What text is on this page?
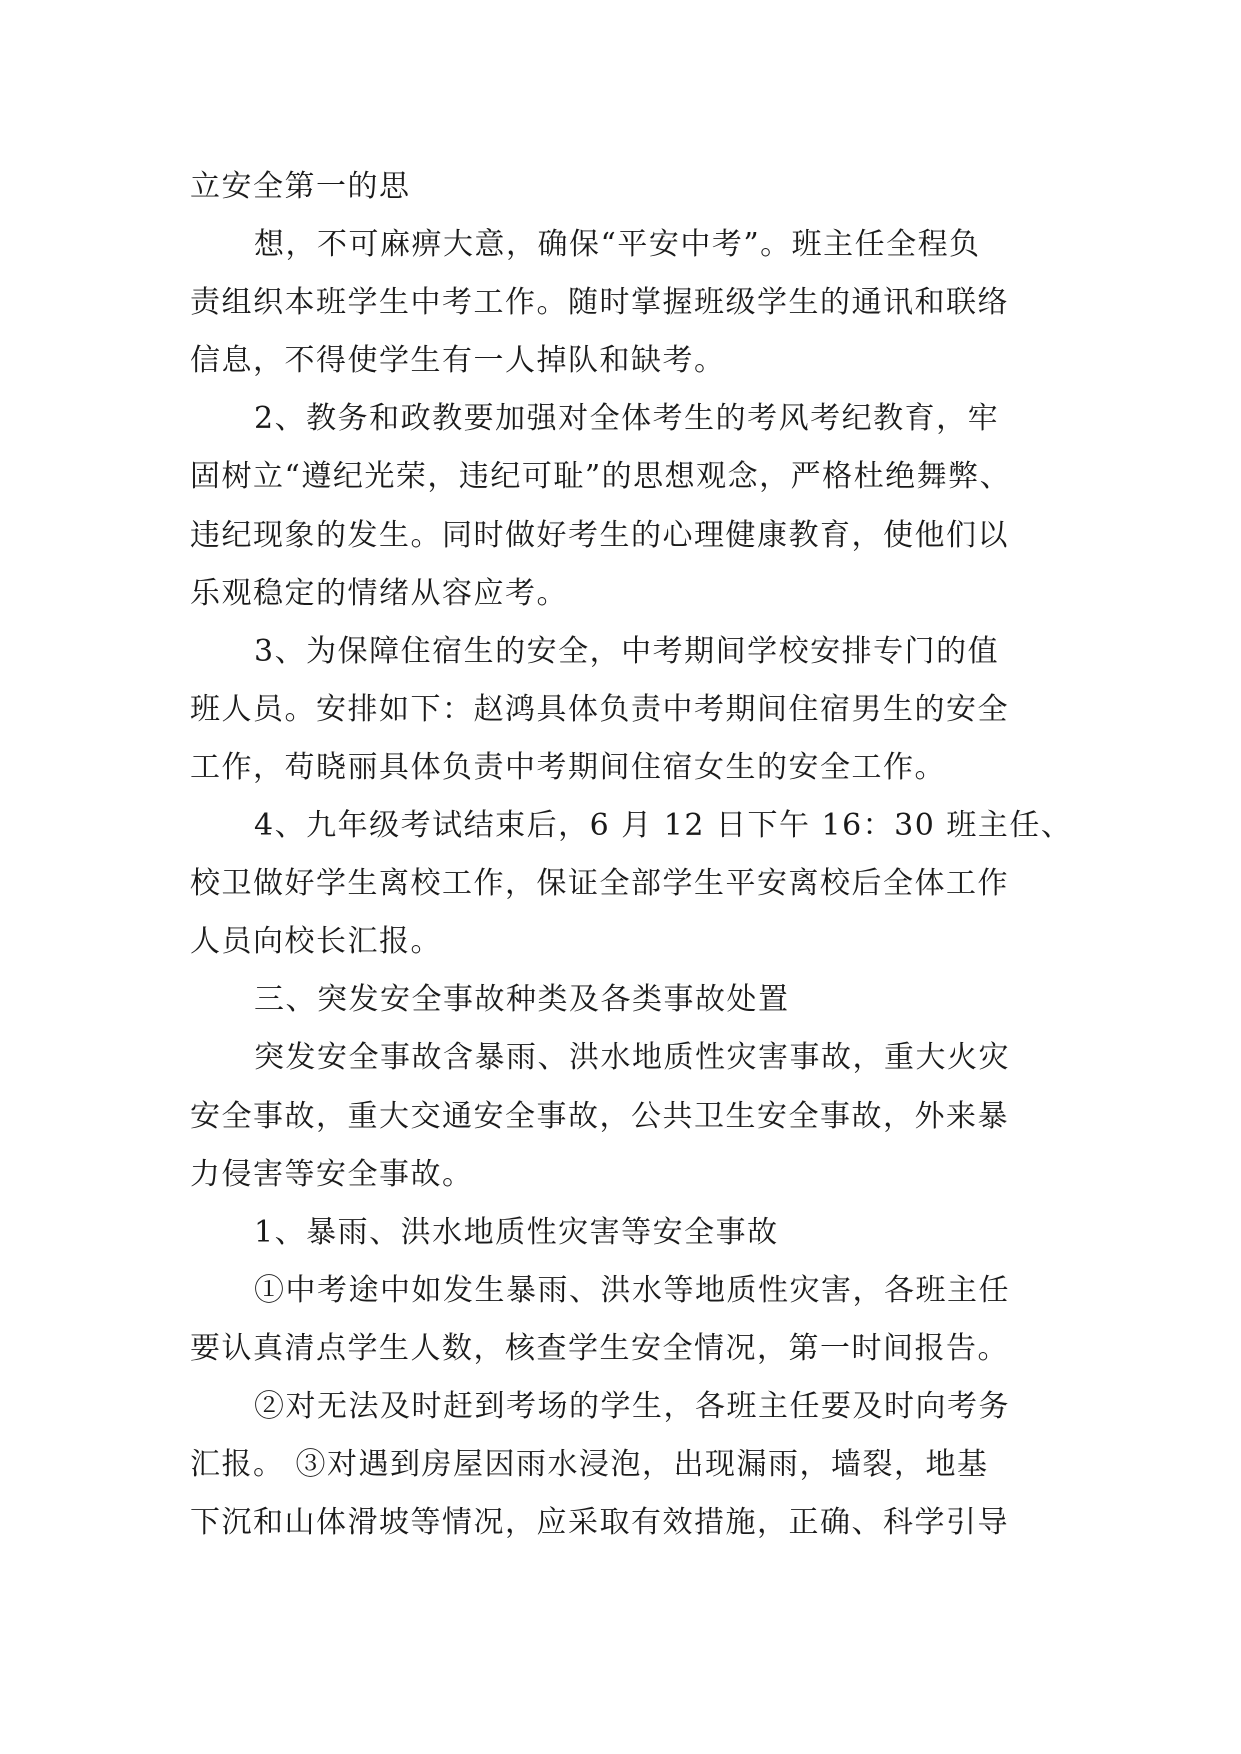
立安全第一的思
想，不可麻痹大意，确保“平安中考”。班主任全程负
责组织本班学生中考工作。随时掌握班级学生的通讯和联络
信息，不得使学生有一人掉队和缺考。
2、教务和政教要加强对全体考生的考风考纪教育，牢
固树立“遵纪光荣，违纪可耻”的思想观念，严格杜绝舞弊、
违纪现象的发生。同时做好考生的心理健康教育，使他们以
乐观稳定的情绪从容应考。
3、为保障住宿生的安全，中考期间学校安排专门的值
班人员。安排如下：赵鸿具体负责中考期间住宿男生的安全
工作，苟晓丽具体负责中考期间住宿女生的安全工作。
4、九年级考试结束后，6 月 12 日下午 16：30 班主任、
校卫做好学生离校工作，保证全部学生平安离校后全体工作
人员向校长汇报。
三、突发安全事故种类及各类事故处置
突发安全事故含暴雨、洪水地质性灾害事故，重大火灾
安全事故，重大交通安全事故，公共卫生安全事故，外来暴
力侵害等安全事故。
1、暴雨、洪水地质性灾害等安全事故
①中考途中如发生暴雨、洪水等地质性灾害，各班主任
要认真清点学生人数，核查学生安全情况，第一时间报告。
②对无法及时赶到考场的学生，各班主任要及时向考务
汇报。 ③对遇到房屋因雨水浸泡，出现漏雨，墙裂，地基
下沉和山体滑坡等情况，应采取有效措施，正确、科学引导
